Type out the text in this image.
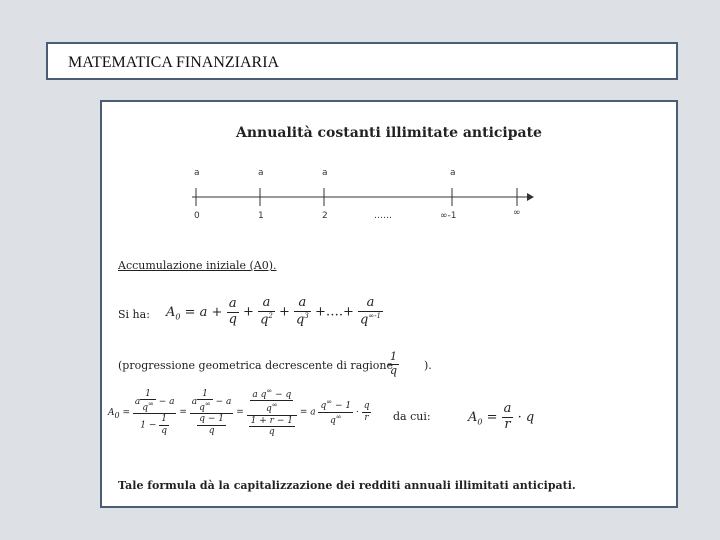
MATEMATICA FINANZIARIA
Annualità costanti illimitate anticipate
a	a	a	a
0	1	2	……	∞-1	∞
Accumulazione iniziale (A0).
Si ha: $A_0 = a + \frac{a}{q} + \frac{a}{q^2} + \frac{a}{q^3}$ +….+ $\frac{a}{q^{\infty-1}}$
(progressione geometrica decrescente di ragione
$\frac{1}{q}$ ).
$A0 = \frac{a \frac{1}{q^\infty} - a}{1 - \frac{1}{q}} = \frac{a \frac{1}{q^\infty} - a}{\frac{q - 1}{q}} = \frac{\frac{a q^\infty - q}{q^\infty}}{\frac{1 + r - 1}{q}} = a \frac{q^\infty - 1}{q^\infty} \cdot \frac{q}{r}$ da cui:	$A_0 = \frac{a}{r} \cdot q$
Tale formula dà la capitalizzazione dei redditi annuali illimitati anticipati.
